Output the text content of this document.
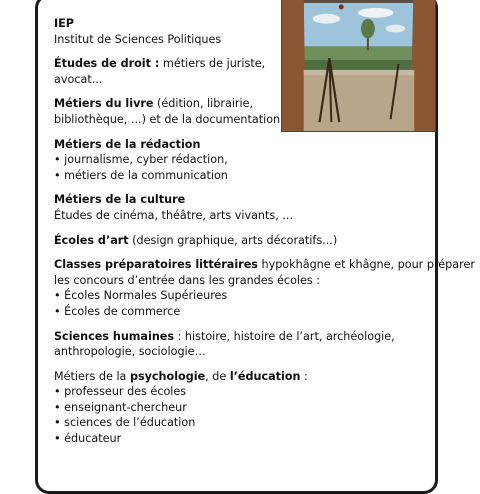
IEP
Institut de Sciences Politiques
Études de droit : métiers de juriste,
avocat...
Métiers du livre (édition, librairie,
bibliothèque, ...) et de la documentation
Métiers de la rédaction
• journalisme, cyber rédaction,
• métiers de la communication
Métiers de la culture
Études de cinéma, théâtre, arts vivants, ...
Écoles d’art (design graphique, arts décoratifs...)
Classes préparatoires littéraires hypokhâgne et khâgne, pour préparer
les concours d’entrée dans les grandes écoles :
• Écoles Normales Supérieures
• Écoles de commerce
Sciences humaines : histoire, histoire de l’art, archéologie,
anthropologie, sociologie…
Métiers de la psychologie, de l’éducation :
• professeur des écoles
• enseignant-chercheur
• sciences de l’éducation
• éducateur
